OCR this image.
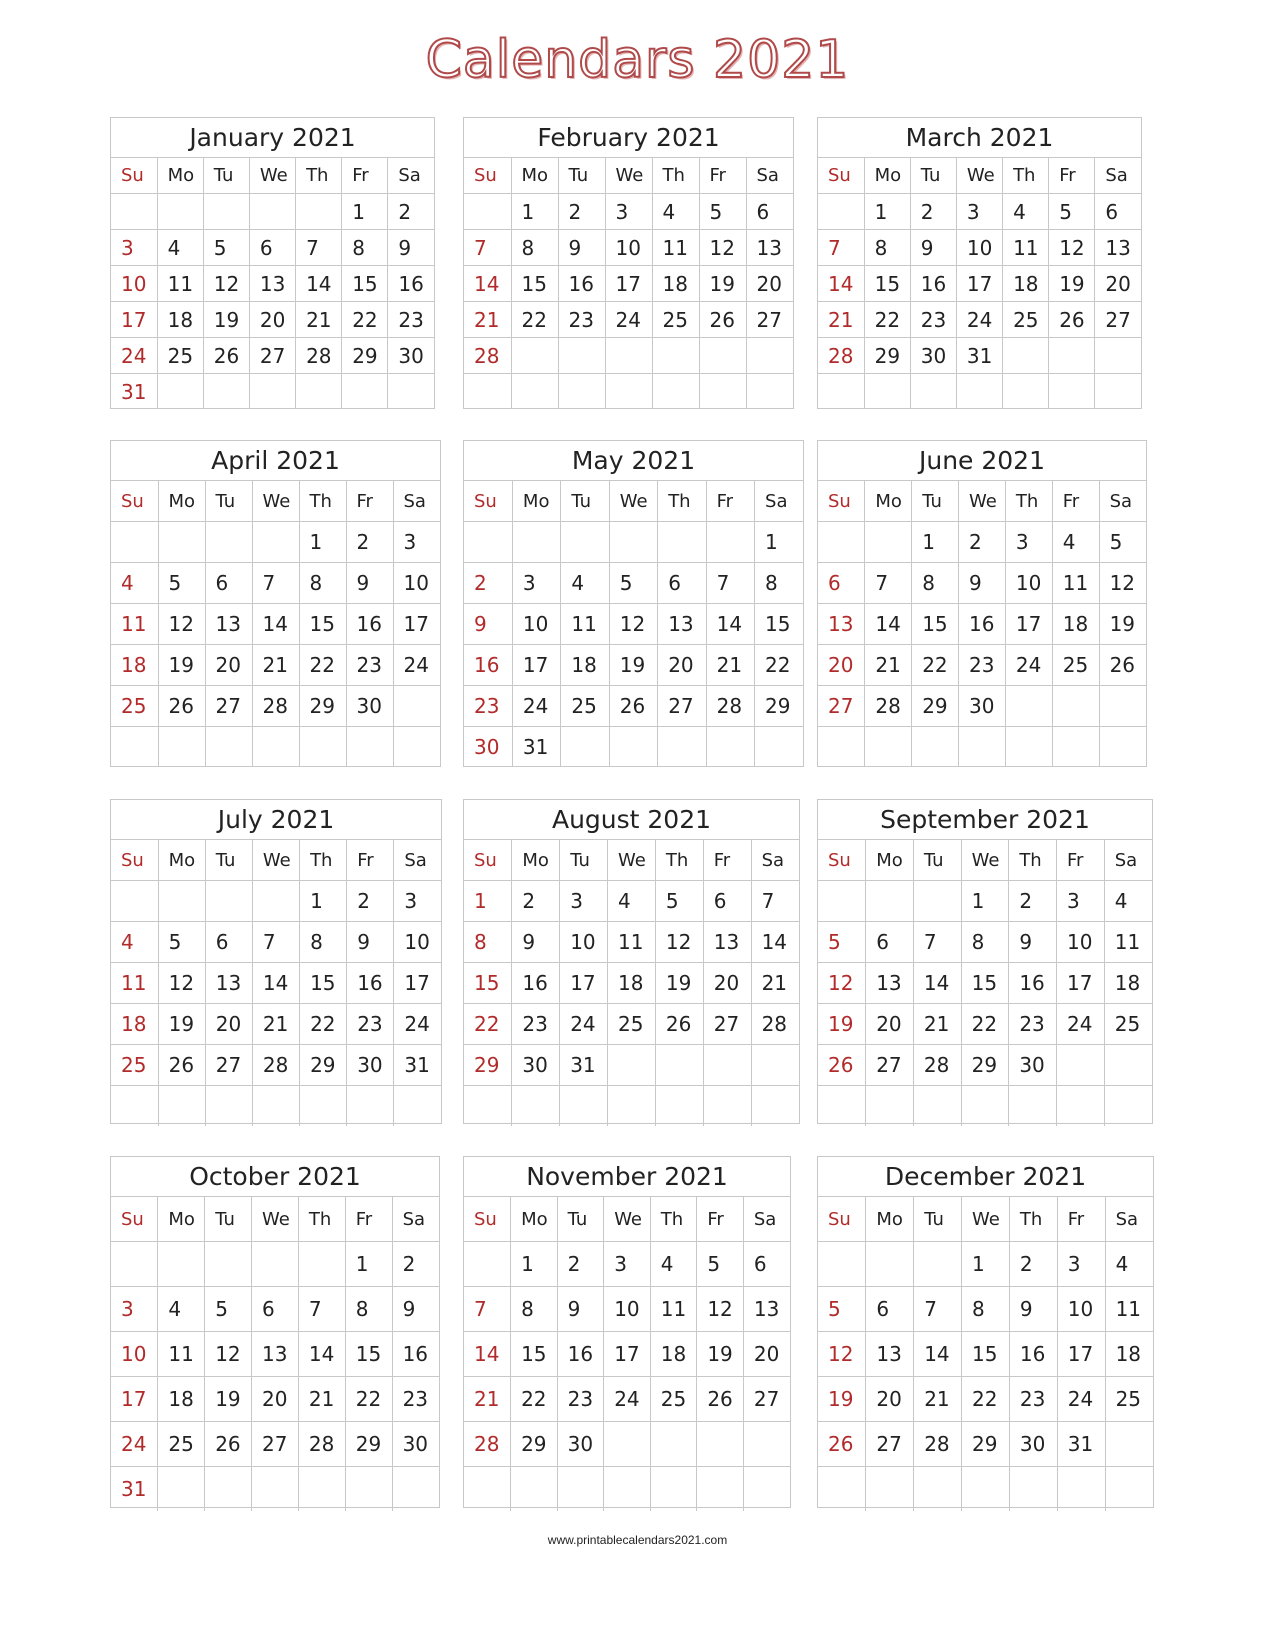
Calendars 2021
January 2021
Su	Mo	Tu	We	Th	Fr	Sa
					1	2
3	4	5	6	7	8	9
10	11	12	13	14	15	16
17	18	19	20	21	22	23
24	25	26	27	28	29	30
31						
February 2021
Su	Mo	Tu	We	Th	Fr	Sa
	1	2	3	4	5	6
7	8	9	10	11	12	13
14	15	16	17	18	19	20
21	22	23	24	25	26	27
28						

March 2021
Su	Mo	Tu	We	Th	Fr	Sa
	1	2	3	4	5	6
7	8	9	10	11	12	13
14	15	16	17	18	19	20
21	22	23	24	25	26	27
28	29	30	31			

April 2021
Su	Mo	Tu	We	Th	Fr	Sa
				1	2	3
4	5	6	7	8	9	10
11	12	13	14	15	16	17
18	19	20	21	22	23	24
25	26	27	28	29	30	

May 2021
Su	Mo	Tu	We	Th	Fr	Sa
						1
2	3	4	5	6	7	8
9	10	11	12	13	14	15
16	17	18	19	20	21	22
23	24	25	26	27	28	29
30	31					
June 2021
Su	Mo	Tu	We	Th	Fr	Sa
		1	2	3	4	5
6	7	8	9	10	11	12
13	14	15	16	17	18	19
20	21	22	23	24	25	26
27	28	29	30			

July 2021
Su	Mo	Tu	We	Th	Fr	Sa
				1	2	3
4	5	6	7	8	9	10
11	12	13	14	15	16	17
18	19	20	21	22	23	24
25	26	27	28	29	30	31

August 2021
Su	Mo	Tu	We	Th	Fr	Sa
1	2	3	4	5	6	7
8	9	10	11	12	13	14
15	16	17	18	19	20	21
22	23	24	25	26	27	28
29	30	31				

September 2021
Su	Mo	Tu	We	Th	Fr	Sa
			1	2	3	4
5	6	7	8	9	10	11
12	13	14	15	16	17	18
19	20	21	22	23	24	25
26	27	28	29	30		

October 2021
Su	Mo	Tu	We	Th	Fr	Sa
					1	2
3	4	5	6	7	8	9
10	11	12	13	14	15	16
17	18	19	20	21	22	23
24	25	26	27	28	29	30
31						
November 2021
Su	Mo	Tu	We	Th	Fr	Sa
	1	2	3	4	5	6
7	8	9	10	11	12	13
14	15	16	17	18	19	20
21	22	23	24	25	26	27
28	29	30				

December 2021
Su	Mo	Tu	We	Th	Fr	Sa
			1	2	3	4
5	6	7	8	9	10	11
12	13	14	15	16	17	18
19	20	21	22	23	24	25
26	27	28	29	30	31	

www.printablecalendars2021.com
